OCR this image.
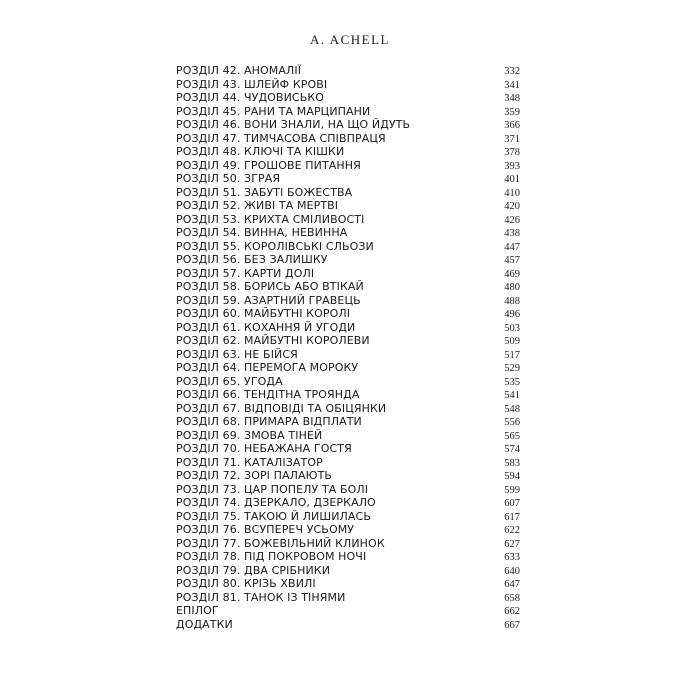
A. ACHELL
РОЗДІЛ 42. АНОМАЛІЇ	332
РОЗДІЛ 43. ШЛЕЙФ КРОВІ	341
РОЗДІЛ 44. ЧУДОВИСЬКО	348
РОЗДІЛ 45. РАНИ ТА МАРЦИПАНИ	359
РОЗДІЛ 46. ВОНИ ЗНАЛИ, НА ЩО ЙДУТЬ	366
РОЗДІЛ 47. ТИМЧАСОВА СПІВПРАЦЯ	371
РОЗДІЛ 48. КЛЮЧІ ТА КІШКИ	378
РОЗДІЛ 49. ГРОШОВЕ ПИТАННЯ	393
РОЗДІЛ 50. ЗГРАЯ	401
РОЗДІЛ 51. ЗАБУТІ БОЖЕСТВА	410
РОЗДІЛ 52. ЖИВІ ТА МЕРТВІ	420
РОЗДІЛ 53. КРИХТА СМІЛИВОСТІ	426
РОЗДІЛ 54. ВИННА, НЕВИННА	438
РОЗДІЛ 55. КОРОЛІВСЬКІ СЛЬОЗИ	447
РОЗДІЛ 56. БЕЗ ЗАЛИШКУ	457
РОЗДІЛ 57. КАРТИ ДОЛІ	469
РОЗДІЛ 58. БОРИСЬ АБО ВТІКАЙ	480
РОЗДІЛ 59. АЗАРТНИЙ ГРАВЕЦЬ	488
РОЗДІЛ 60. МАЙБУТНІ КОРОЛІ	496
РОЗДІЛ 61. КОХАННЯ Й УГОДИ	503
РОЗДІЛ 62. МАЙБУТНІ КОРОЛЕВИ	509
РОЗДІЛ 63. НЕ БІЙСЯ	517
РОЗДІЛ 64. ПЕРЕМОГА МОРОКУ	529
РОЗДІЛ 65. УГОДА	535
РОЗДІЛ 66. ТЕНДІТНА ТРОЯНДА	541
РОЗДІЛ 67. ВІДПОВІДІ ТА ОБІЦЯНКИ	548
РОЗДІЛ 68. ПРИМАРА ВІДПЛАТИ	556
РОЗДІЛ 69. ЗМОВА ТІНЕЙ	565
РОЗДІЛ 70. НЕБАЖАНА ГОСТЯ	574
РОЗДІЛ 71. КАТАЛІЗАТОР	583
РОЗДІЛ 72. ЗОРІ ПАЛАЮТЬ	594
РОЗДІЛ 73. ЦАР ПОПЕЛУ ТА БОЛІ	599
РОЗДІЛ 74. ДЗЕРКАЛО, ДЗЕРКАЛО	607
РОЗДІЛ 75. ТАКОЮ Й ЛИШИЛАСЬ	617
РОЗДІЛ 76. ВСУПЕРЕЧ УСЬОМУ	622
РОЗДІЛ 77. БОЖЕВІЛЬНИЙ КЛИНОК	627
РОЗДІЛ 78. ПІД ПОКРОВОМ НОЧІ	633
РОЗДІЛ 79. ДВА СРІБНИКИ	640
РОЗДІЛ 80. КРІЗЬ ХВИЛІ	647
РОЗДІЛ 81. ТАНОК ІЗ ТІНЯМИ	658
ЕПІЛОГ	662
ДОДАТКИ	667
